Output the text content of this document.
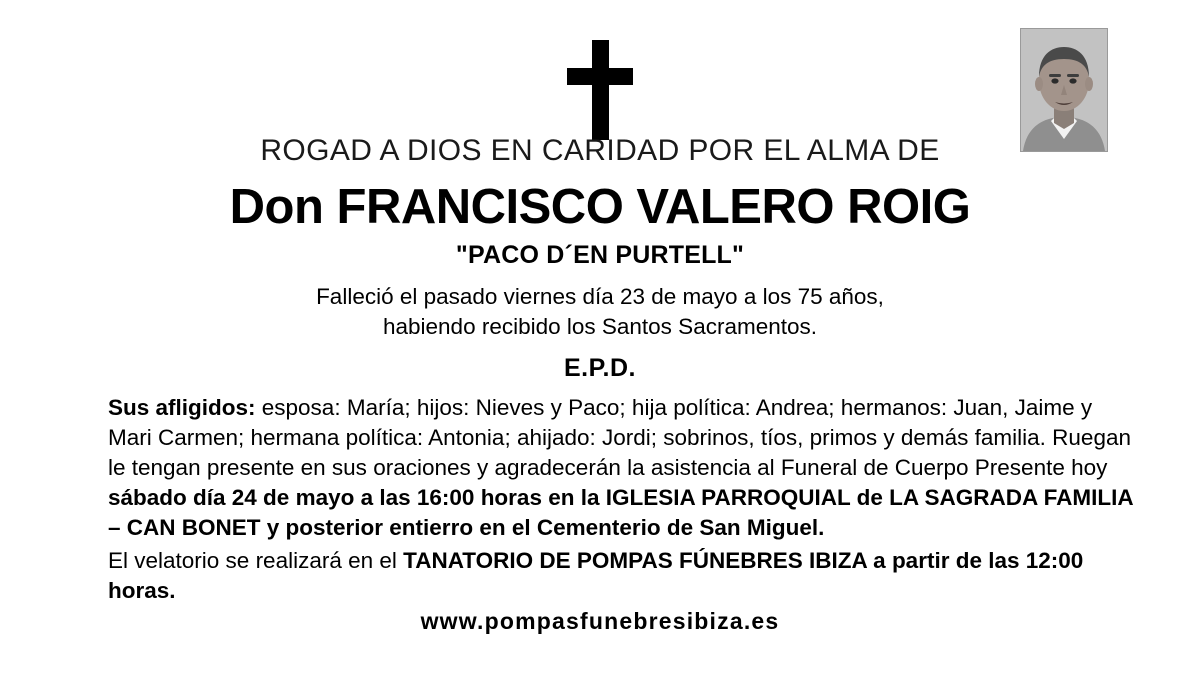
ROGAD A DIOS EN CARIDAD POR EL ALMA DE
Don FRANCISCO VALERO ROIG
"PACO D´EN PURTELL"
Falleció el pasado viernes día 23 de mayo a los 75 años,
habiendo recibido los Santos Sacramentos.
E.P.D.
Sus afligidos: esposa: María; hijos: Nieves y Paco; hija política: Andrea; hermanos: Juan, Jaime y Mari Carmen; hermana política: Antonia; ahijado: Jordi; sobrinos, tíos, primos y demás familia. Ruegan le tengan presente en sus oraciones y agradecerán la asistencia al Funeral de Cuerpo Presente hoy sábado día 24 de mayo a las 16:00 horas en la IGLESIA PARROQUIAL de LA SAGRADA FAMILIA – CAN BONET y posterior entierro en el Cementerio de San Miguel.
El velatorio se realizará en el TANATORIO DE POMPAS FÚNEBRES IBIZA a partir de las 12:00 horas.
www.pompasfunebresibiza.es
